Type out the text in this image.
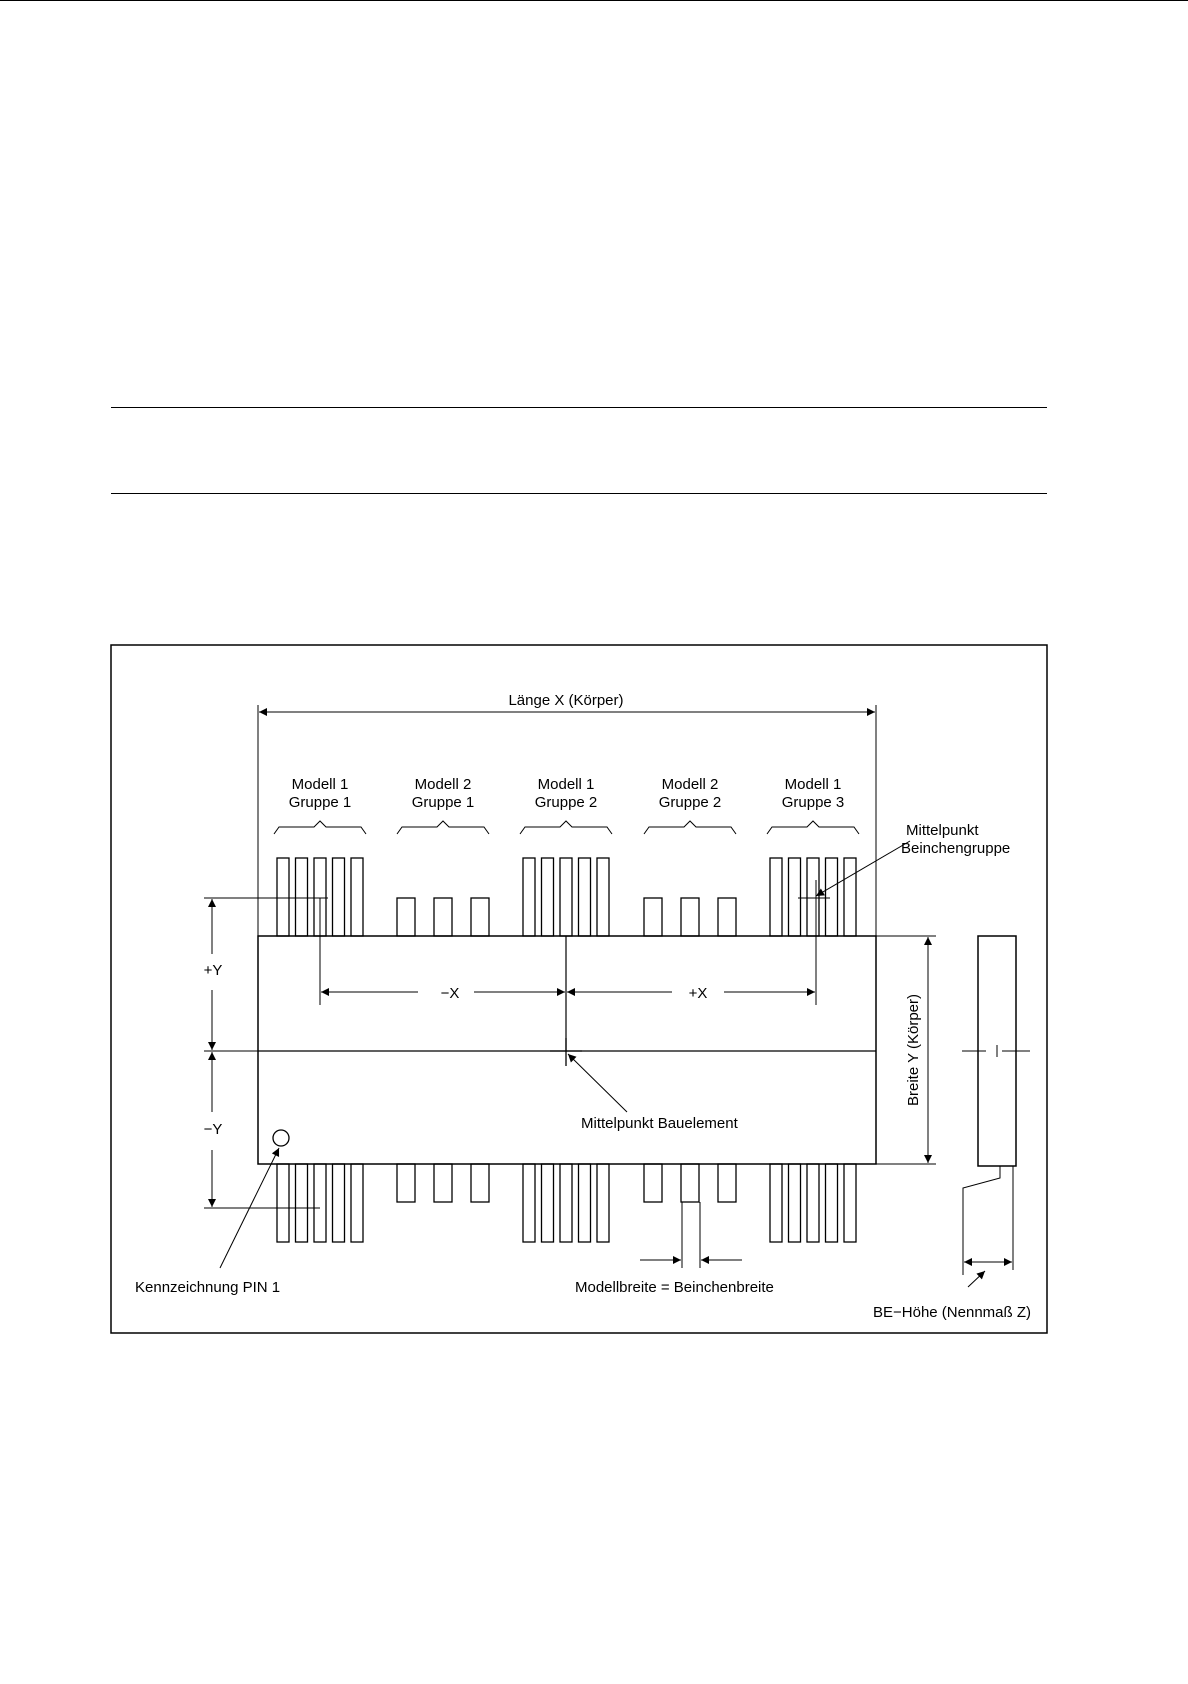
Länge X (Körper)
Modell 1
Gruppe 1
Modell 2
Gruppe 1
Modell 1
Gruppe 2
Modell 2
Gruppe 2
Modell 1
Gruppe 3
Mittelpunkt
Beinchengruppe
−X	+X
Mittelpunkt Bauelement
+Y
−Y
Breite Y (Körper)
BE−Höhe (Nennmaß Z)
Kennzeichnung PIN 1	Modellbreite = Beinchenbreite
